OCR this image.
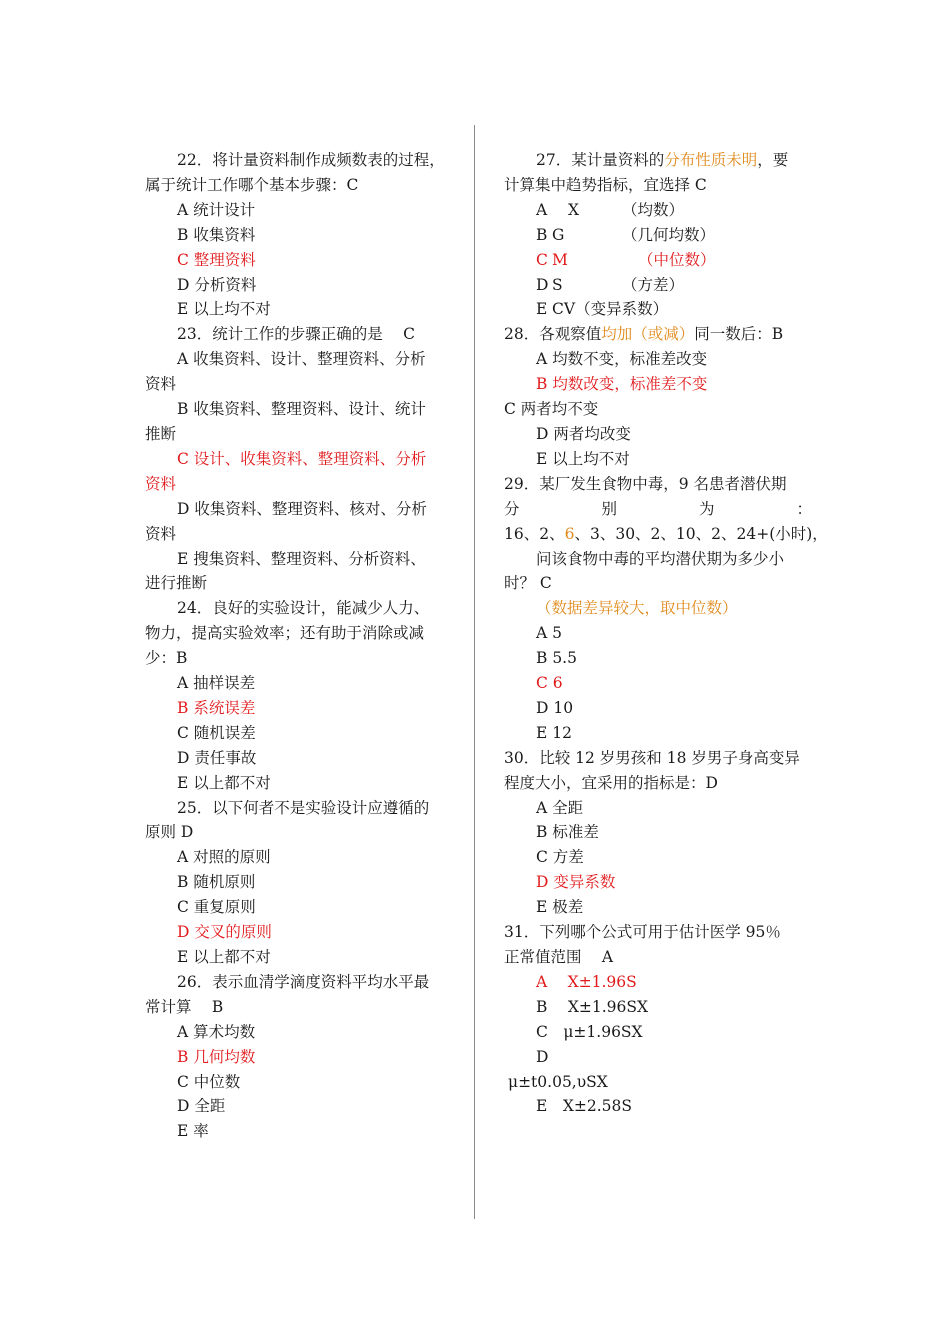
22．将计量资料制作成频数表的过程，
属于统计工作哪个基本步骤：C
A 统计设计
B 收集资料
C 整理资料
D 分析资料
E 以上均不对
23．统计工作的步骤正确的是　 C
A 收集资料、设计、整理资料、分析
资料
B 收集资料、整理资料、设计、统计
推断
C 设计、收集资料、整理资料、分析
资料
D 收集资料、整理资料、核对、分析
资料
E 搜集资料、整理资料、分析资料、
进行推断
24．良好的实验设计，能减少人力、
物力，提高实验效率；还有助于消除或减
少：B
A 抽样误差
B 系统误差
C 随机误差
D 责任事故
E 以上都不对
25．以下何者不是实验设计应遵循的
原则 D
A 对照的原则
B 随机原则
C 重复原则
D 交叉的原则
E 以上都不对
26．表示血清学滴度资料平均水平最
常计算　 B
A 算术均数
B 几何均数
C 中位数
D 全距
E 率
27．某计量资料的分布性质未明，要
计算集中趋势指标，宜选择 C
A X	（均数）
B G	（几何均数）
C M	（中位数）
D S	（方差）
E CV（变异系数）
28．各观察值均加（或减）同一数后：B
A 均数不变，标准差改变
B 均数改变，标准差不变
C 两者均不变
D 两者均改变
E 以上均不对
29．某厂发生食物中毒，9 名患者潜伏期
分	别	为	：
16、2、6、3、30、2、10、2、24+(小时)，
问该食物中毒的平均潜伏期为多少小
时？ C
（数据差异较大，取中位数）
A 5
B 5.5
C 6
D 10
E 12
30．比较 12 岁男孩和 18 岁男子身高变异
程度大小，宜采用的指标是：D
A 全距
B 标准差
C 方差
D 变异系数
E 极差
31．下列哪个公式可用于估计医学 95％
正常值范围　 A
A　 X±1.96S
B　 X±1.96SX
C　μ±1.96SX
D
μ±t0.05,υSX
E　X±2.58S
